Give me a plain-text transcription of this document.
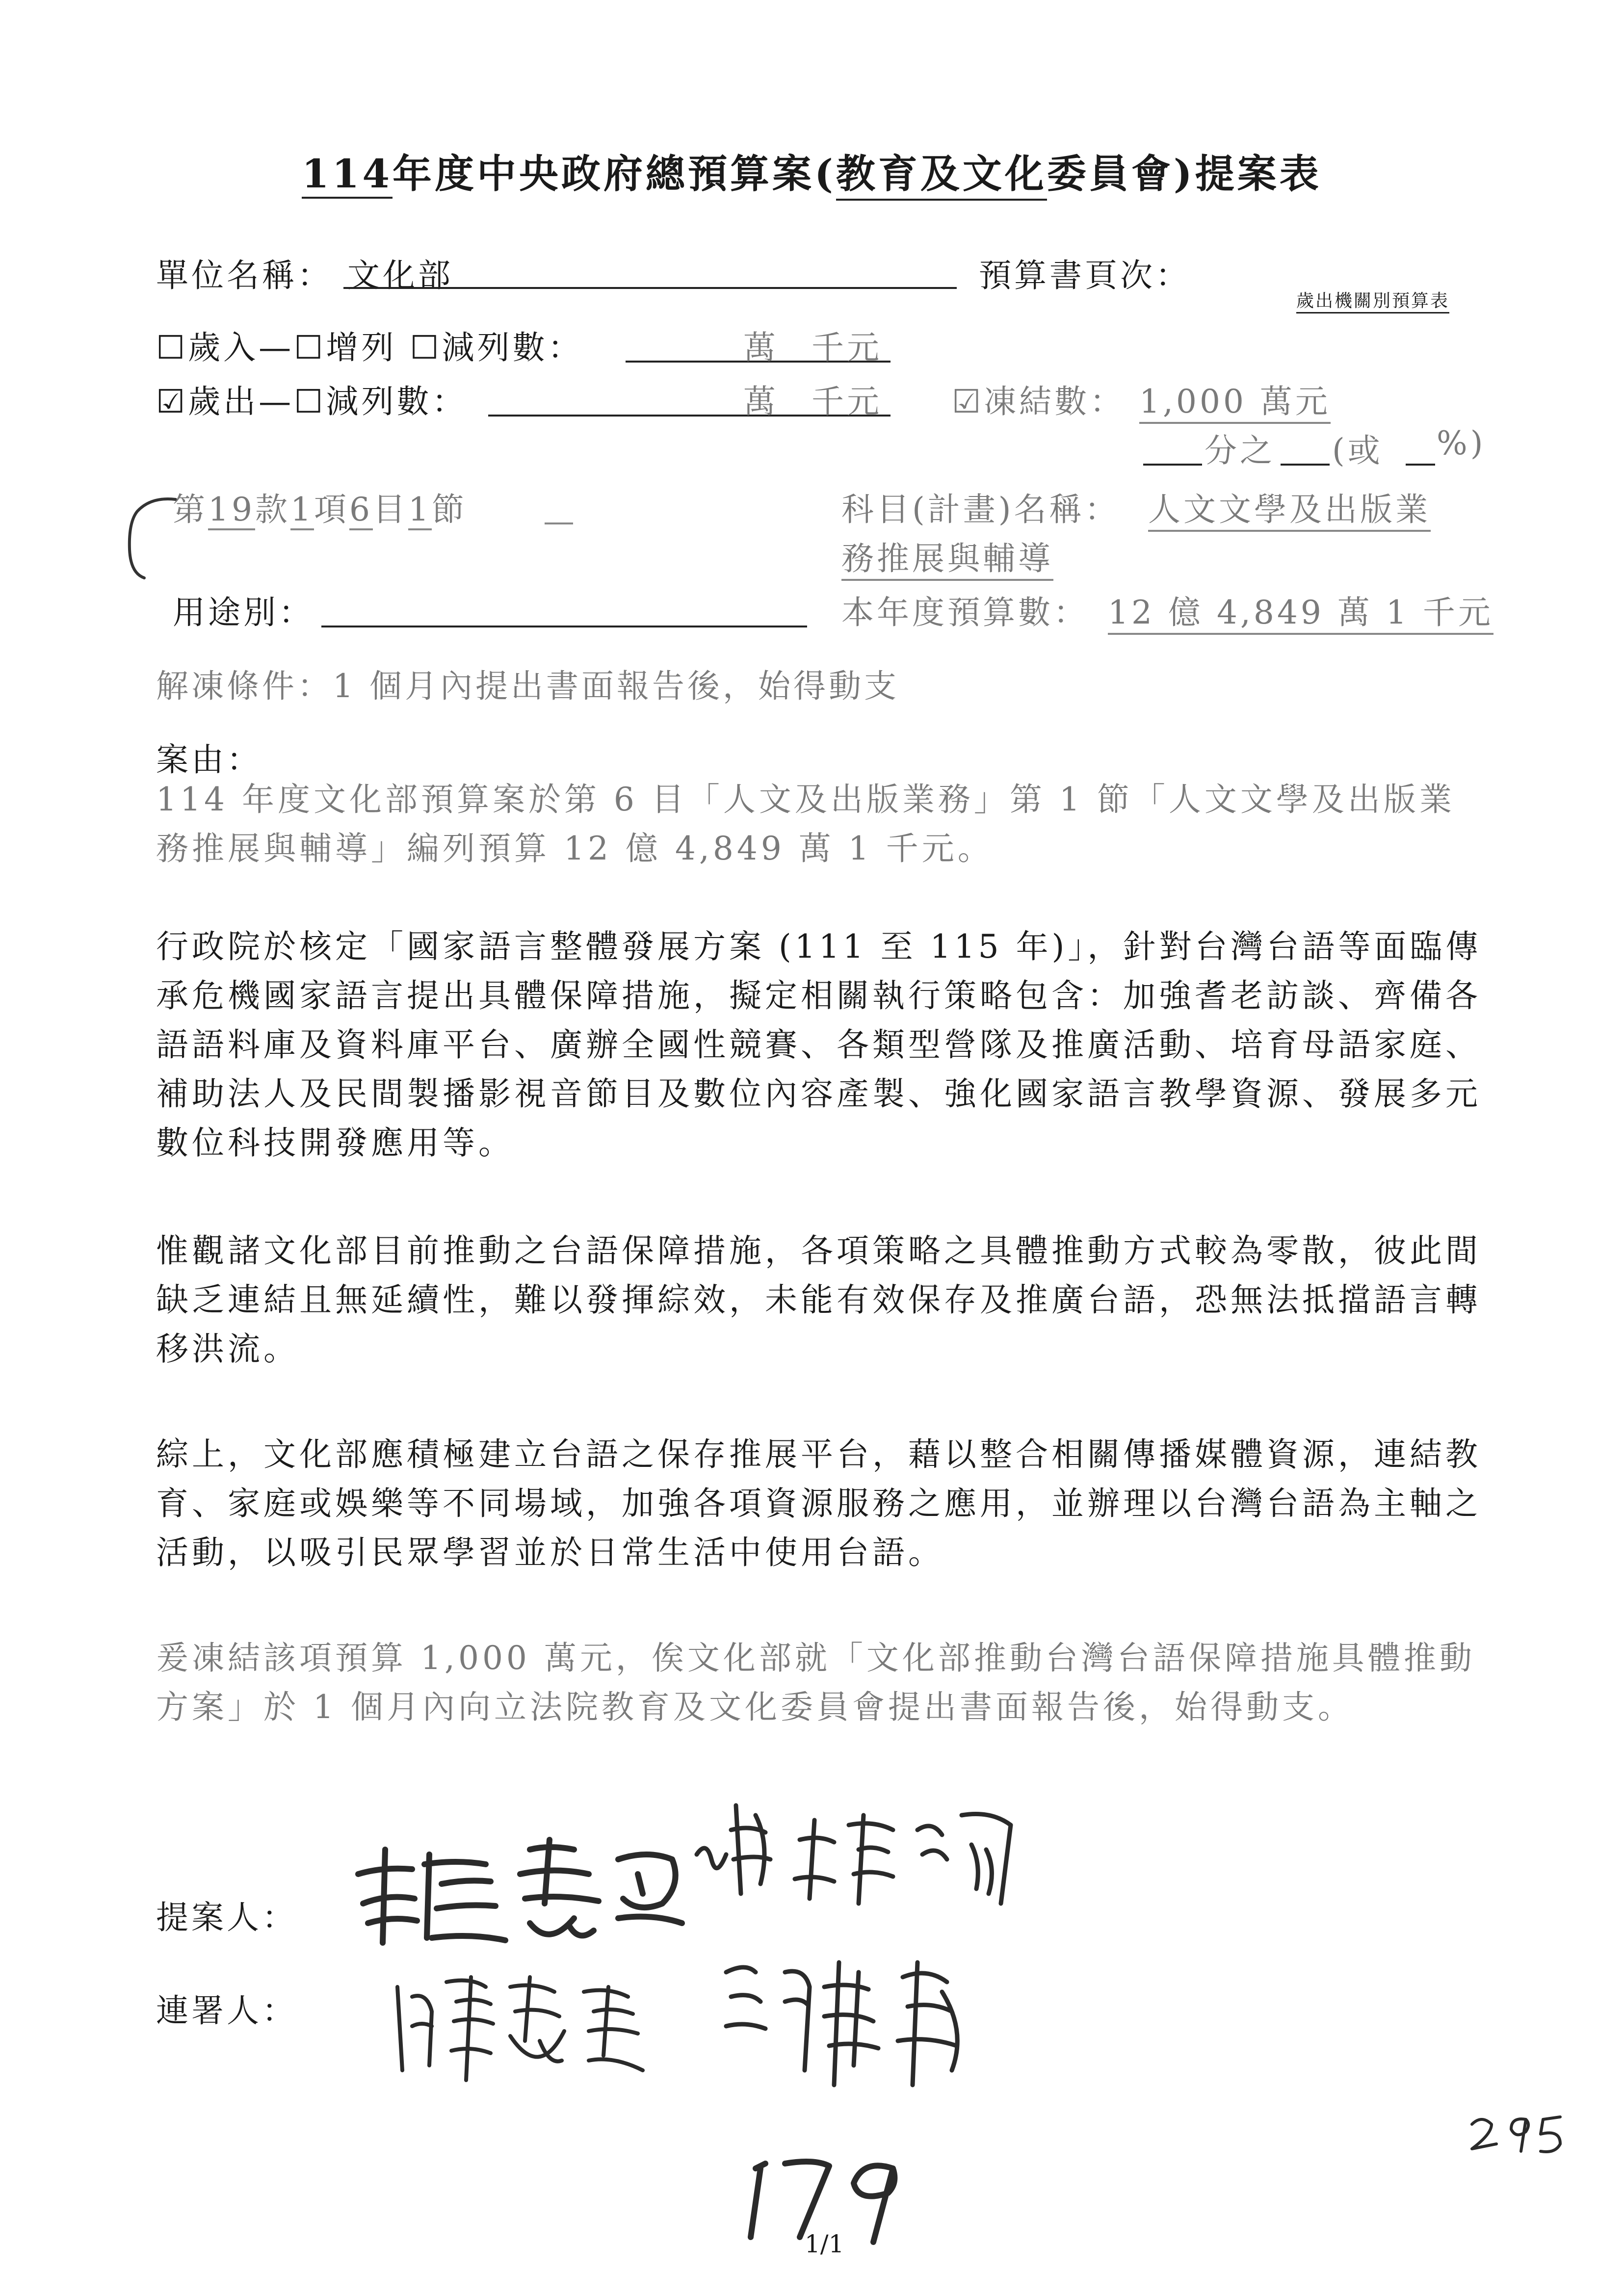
114年度中央政府總預算案(教育及文化委員會)提案表
單位名稱： 文化部	預算書頁次：
歲出機關別預算表
☐歲入—☐增列 ☐減列數：	萬 千元
☑歲出—☐減列數：	萬 千元 ☑凍結數： 1,000 萬元
分之 (或 %)
第19款1項6目1節	科目(計畫)名稱： 人文文學及出版業
務推展與輔導
用途別：	本年度預算數： 12 億 4,849 萬 1 千元
解凍條件：1 個月內提出書面報告後，始得動支
案由：
114 年度文化部預算案於第 6 目「人文及出版業務」第 1 節「人文文學及出版業務推展與輔導」編列預算 12 億 4,849 萬 1 千元。
行政院於核定「國家語言整體發展方案 (111 至 115 年)」，針對台灣台語等面臨傳承危機國家語言提出具體保障措施，擬定相關執行策略包含：加強耆老訪談、齊備各語語料庫及資料庫平台、廣辦全國性競賽、各類型營隊及推廣活動、培育母語家庭、補助法人及民間製播影視音節目及數位內容產製、強化國家語言教學資源、發展多元數位科技開發應用等。
惟觀諸文化部目前推動之台語保障措施，各項策略之具體推動方式較為零散，彼此間缺乏連結且無延續性，難以發揮綜效，未能有效保存及推廣台語，恐無法抵擋語言轉移洪流。
綜上，文化部應積極建立台語之保存推展平台，藉以整合相關傳播媒體資源，連結教育、家庭或娛樂等不同場域，加強各項資源服務之應用，並辦理以台灣台語為主軸之活動，以吸引民眾學習並於日常生活中使用台語。
爰凍結該項預算 1,000 萬元，俟文化部就「文化部推動台灣台語保障措施具體推動方案」於 1 個月內向立法院教育及文化委員會提出書面報告後，始得動支。
提案人：
連署人：
1/1
